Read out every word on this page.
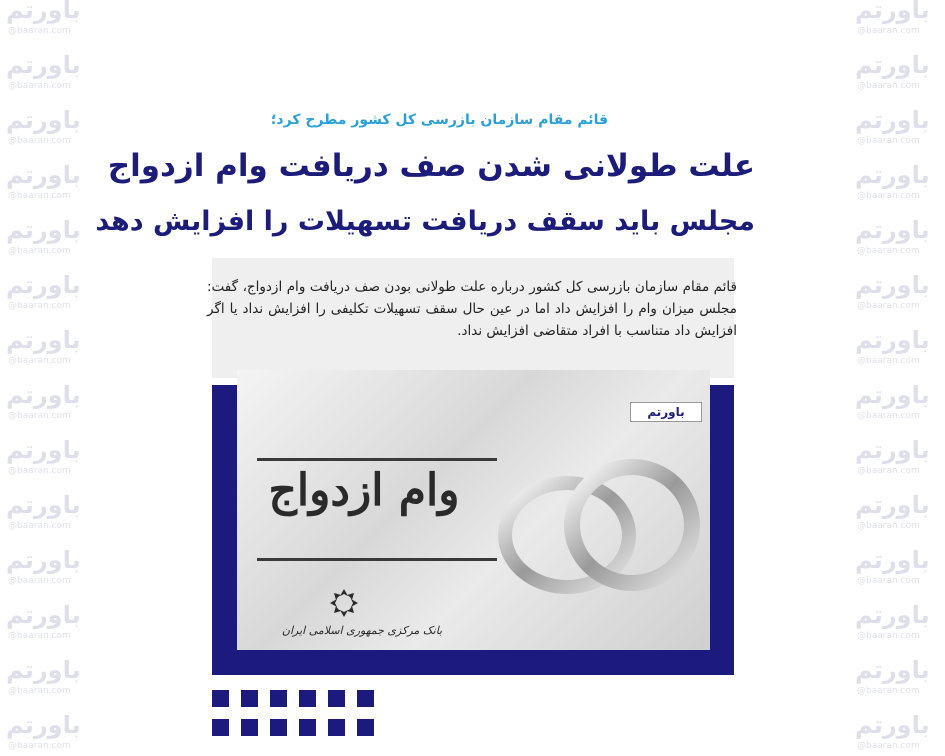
باورتم
@baaran.com
باورتم
@baaran.com
باورتم
@baaran.com
باورتم
@baaran.com
باورتم
@baaran.com
باورتم
@baaran.com
باورتم
@baaran.com
باورتم
@baaran.com
باورتم
@baaran.com
باورتم
@baaran.com
باورتم
@baaran.com
باورتم
@baaran.com
باورتم
@baaran.com
باورتم
@baaran.com
باورتم
@baaran.com
باورتم
@baaran.com
باورتم
@baaran.com
باورتم
@baaran.com
باورتم
@baaran.com
باورتم
@baaran.com
باورتم
@baaran.com
باورتم
@baaran.com
باورتم
@baaran.com
باورتم
@baaran.com
باورتم
@baaran.com
باورتم
@baaran.com
باورتم
@baaran.com
باورتم
@baaran.com
قائم مقام سازمان بازرسی کل کشور مطرح کرد؛
علت طولانی شدن صف دریافت وام ازدواج
مجلس باید سقف دریافت تسهیلات را افزایش دهد

قائم مقام سازمان بازرسی کل کشور درباره علت طولانی بودن صف دریافت وام ازدواج، گفت: مجلس میزان وام را افزایش داد اما در عین حال سقف تسهیلات تکلیفی را افزایش نداد یا اگر افزایش داد متناسب با افراد متقاضی افزایش نداد.

باورتم
وام ازدواج
بانک مرکزی جمهوری اسلامی ایران
